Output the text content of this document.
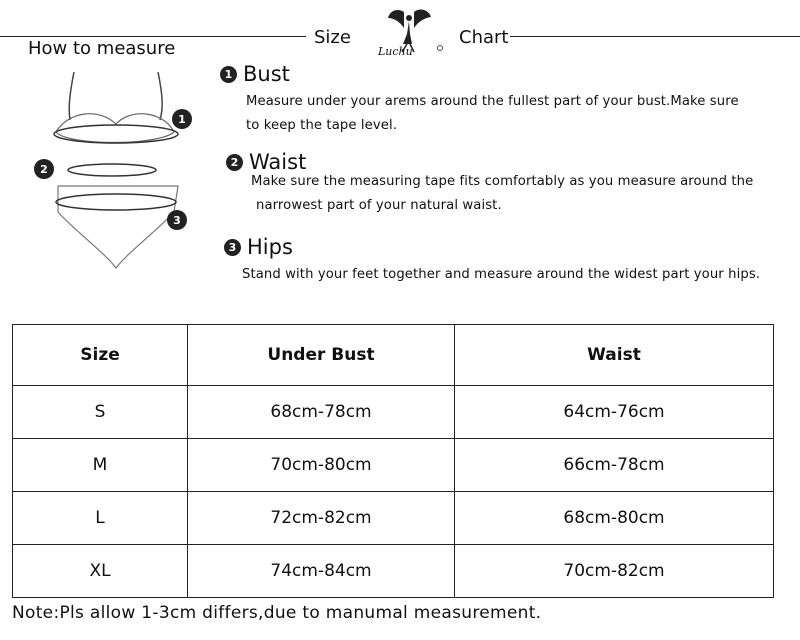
Size
Luchu
Chart
How to measure
1
2
3
1 Bust
Measure under your arems around the fullest part of your bust.Make sure
to keep the tape level.
2 Waist
Make sure the measuring tape fits comfortably as you measure around the
narrowest part of your natural waist.
3 Hips
Stand with your feet together and measure around the widest part your hips.
Size	Under Bust	Waist
S	68cm-78cm	64cm-76cm
M	70cm-80cm	66cm-78cm
L	72cm-82cm	68cm-80cm
XL	74cm-84cm	70cm-82cm
Note:Pls allow 1-3cm differs,due to manumal measurement.
